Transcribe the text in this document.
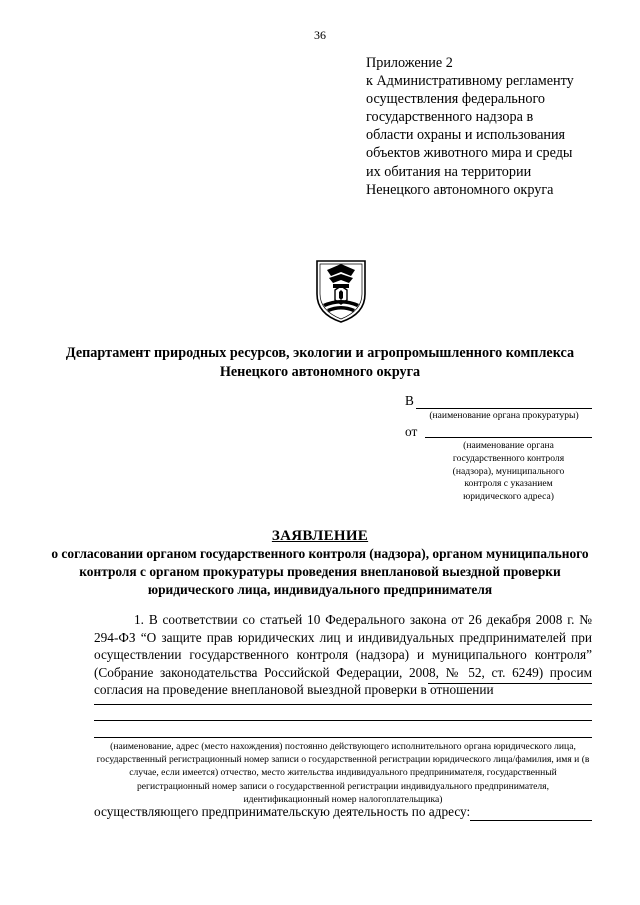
36
Приложение 2
к Административному регламенту
осуществления федерального
государственного надзора в
области охраны и использования
объектов животного мира и среды
их обитания на территории
Ненецкого автономного округа
Департамент природных ресурсов, экологии и агропромышленного комплекса Ненецкого автономного округа
В
(наименование органа прокуратуры)
от
(наименование органа
государственного контроля
(надзора), муниципального
контроля с указанием
юридического адреса)
ЗАЯВЛЕНИЕ
о согласовании органом государственного контроля (надзора), органом муниципального контроля с органом прокуратуры проведения внеплановой выездной проверки юридического лица, индивидуального предпринимателя

1. В соответствии со статьей 10 Федерального закона от 26 декабря 2008 г. № 294-ФЗ “О защите прав юридических лиц и индивидуальных предпринимателей при осуществлении государственного контроля (надзора) и муниципального контроля” (Собрание законодательства Российской Федерации, 2008, № 52, ст. 6249) просим согласия на проведение внеплановой выездной проверки в отношении

(наименование, адрес (место нахождения) постоянно действующего исполнительного органа юридического лица, государственный регистрационный номер записи о государственной регистрации юридического лица/фамилия, имя и (в случае, если имеется) отчество, место жительства индивидуального предпринимателя, государственный регистрационный номер записи о государственной регистрации индивидуального предпринимателя, идентификационный номер налогоплательщика)
осуществляющего предпринимательскую деятельность по адресу:
